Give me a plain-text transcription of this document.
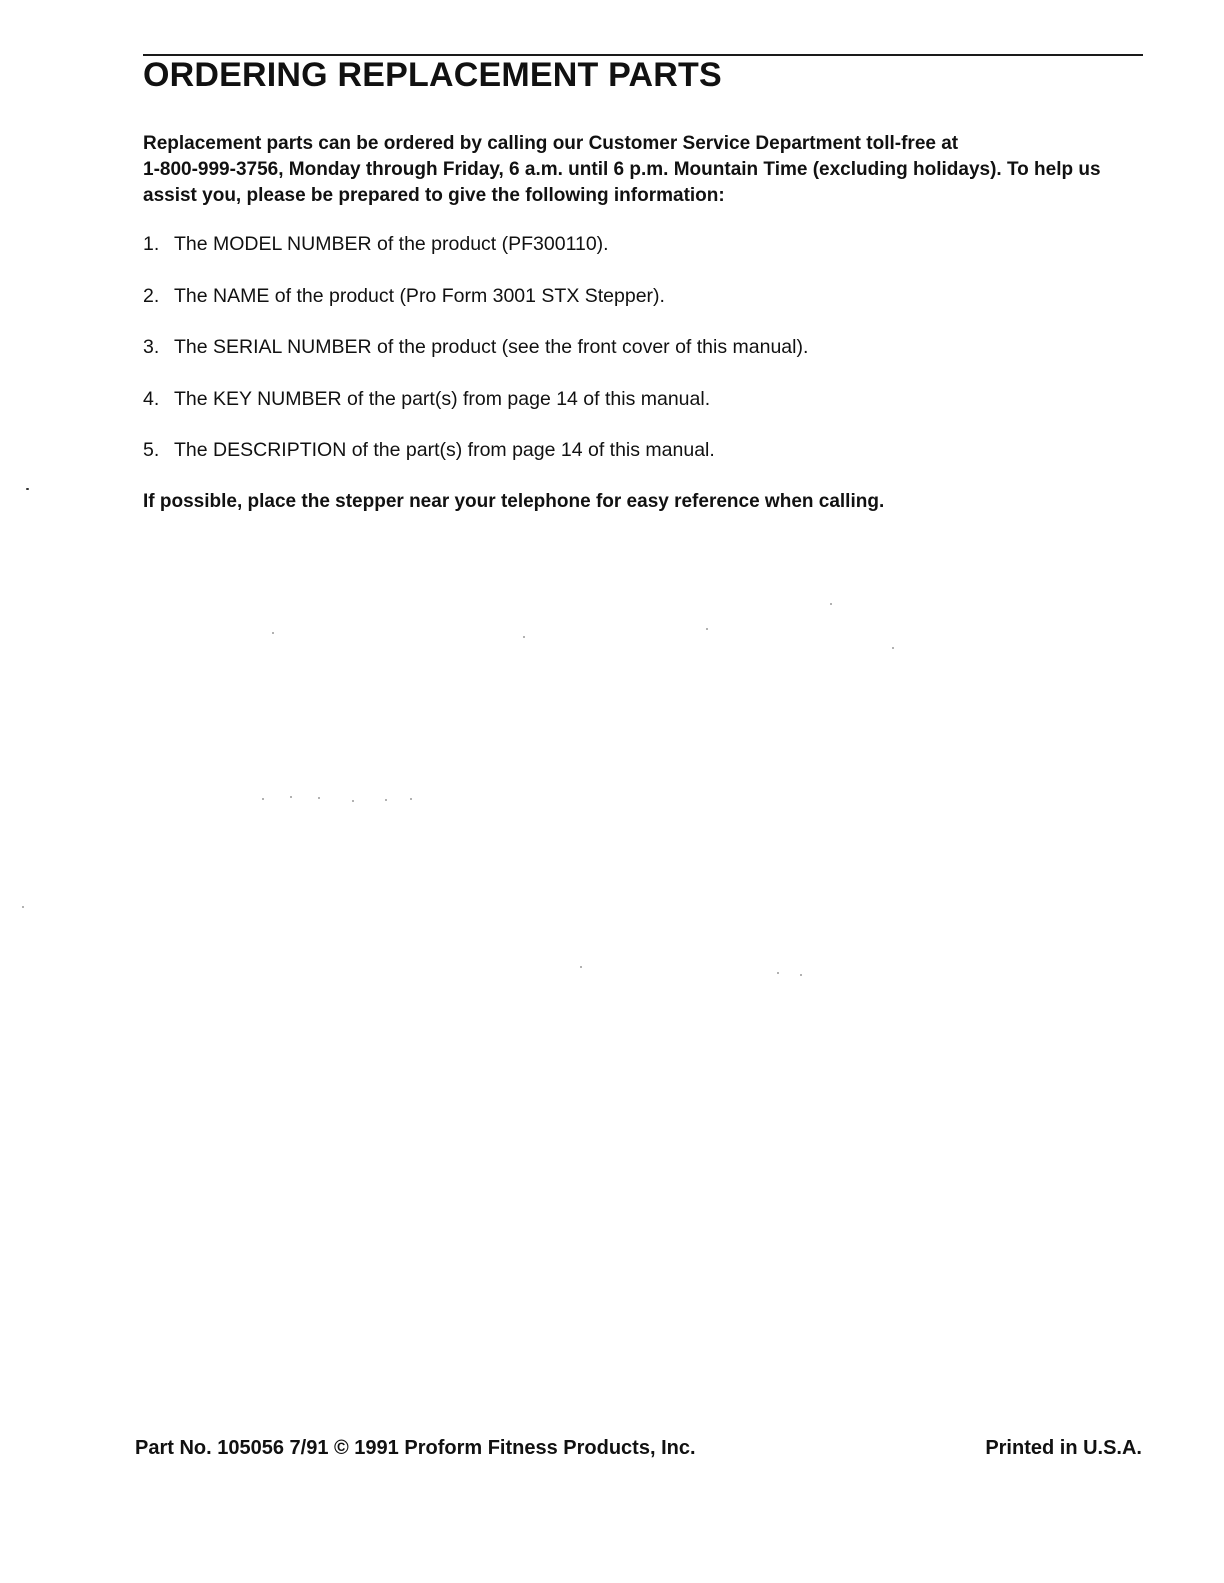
ORDERING REPLACEMENT PARTS

Replacement parts can be ordered by calling our Customer Service Department toll-free at
1-800-999-3756, Monday through Friday, 6 a.m. until 6 p.m. Mountain Time (excluding holidays). To help us assist you, please be prepared to give the following information:

1. The MODEL NUMBER of the product (PF300110).
2. The NAME of the product (Pro Form 3001 STX Stepper).
3. The SERIAL NUMBER of the product (see the front cover of this manual).
4. The KEY NUMBER of the part(s) from page 14 of this manual.
5. The DESCRIPTION of the part(s) from page 14 of this manual.

If possible, place the stepper near your telephone for easy reference when calling.

Part No. 105056 7/91 © 1991 Proform Fitness Products, Inc.	Printed in U.S.A.
